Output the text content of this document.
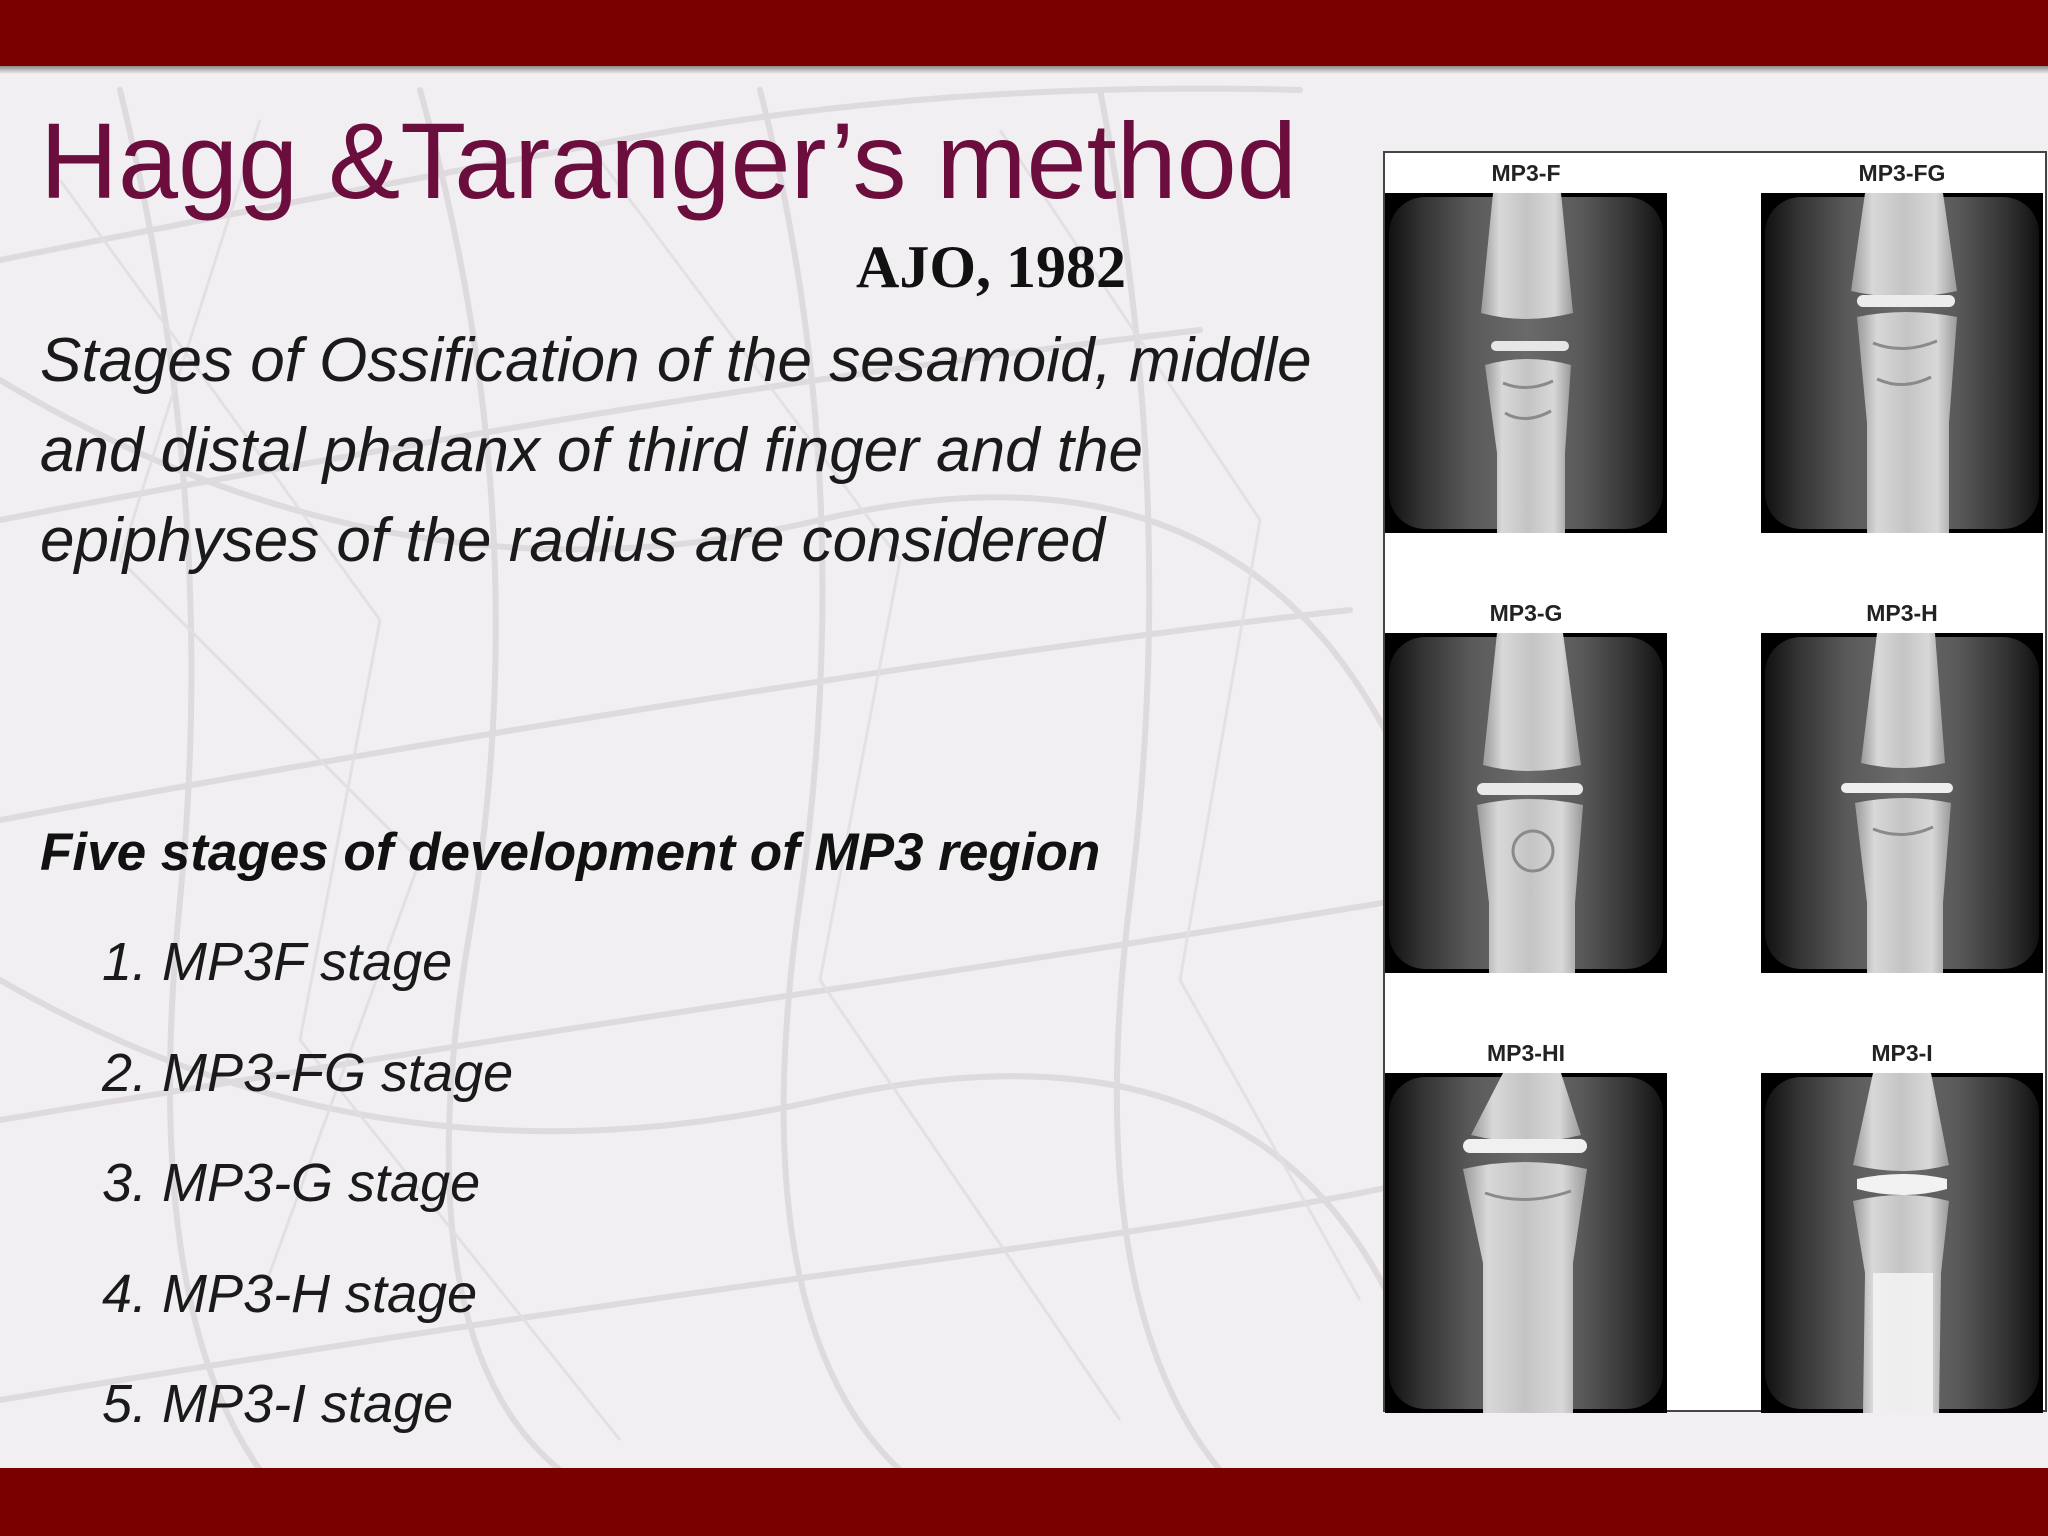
Hagg &Taranger’s method
AJO, 1982

Stages of Ossification of the sesamoid, middle and distal phalanx of third finger and the epiphyses of the radius are considered

Five stages of development of MP3 region

1. MP3F stage
2. MP3-FG stage
3. MP3-G stage
4. MP3-H stage
5. MP3-I stage
MP3-F	MP3-FG
MP3-G	MP3-H
MP3-HI	MP3-I
